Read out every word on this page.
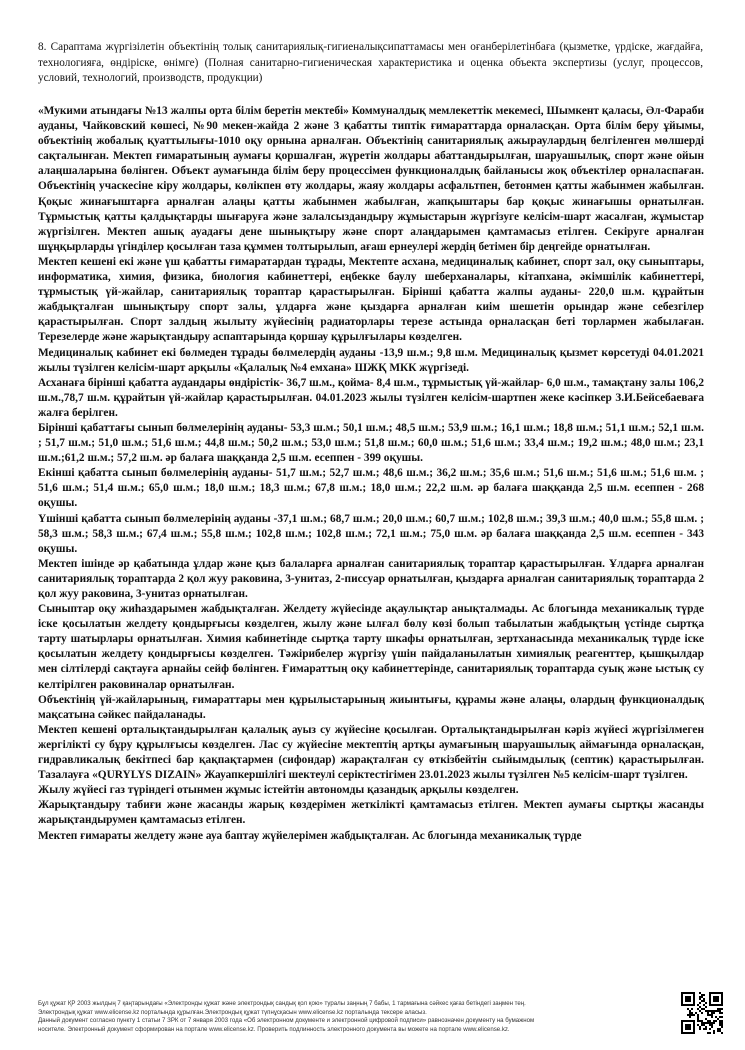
8. Сараптама жүргізілетін объектінің толық санитариялық-гигиеналықсипаттамасы мен оғанберілетінбаға (қызметке, үрдіске, жағдайға, технологияға, өндіріске, өнімге) (Полная санитарно-гигиеническая характеристика и оценка объекта экспертизы (услуг, процессов, условий, технологий, производств, продукции)

«Мукими атындағы №13 жалпы орта білім беретін мектебі» Коммуналдық мемлекеттік мекемесі, Шымкент қаласы, Әл-Фараби ауданы, Чайковский көшесі, №90 мекен-жайда 2 және 3 қабатты типтік ғимараттарда орналасқан. Орта білім беру ұйымы, объектінің жобалық қуаттылығы-1010 оқу орнына арналған. Объектінің санитариялық ажыраулардың белгіленген мөлшерді сақталынған. Мектеп ғимаратының аумағы қоршалған, жүретін жолдары абаттандырылған, шаруашылық, спорт және ойын алаңшаларына бөлінген. Объект аумағында білім беру процессімен функционалдық байланысы жоқ объектілер орналаспаған. Объектінің учаскесіне кіру жолдары, көлікпен өту жолдары, жаяу жолдары асфальтпен, бетонмен қатты жабынмен жабылған. Қоқыс жинағыштарға арналған алаңы қатты жабынмен жабылған, жапқыштары бар қоқыс жинағышы орнатылған. Тұрмыстық қатты қалдықтарды шығаруға және залалсыздандыру жұмыстарын жүргізуге келісім-шарт жасалған, жұмыстар жүргізілген. Мектеп ашық ауадағы дене шынықтыру және спорт алаңдарымен қамтамасыз етілген. Секіруге арналған шұңқырларды үгінділер қосылған таза құммен толтырылып, ағаш ернеулері жердің бетімен бір деңгейде орнатылған.

Мектеп кешені екі және үш қабатты ғимаратардан тұрады, Мектепте асхана, медициналық кабинет, спорт зал, оқу сыныптары, информатика, химия, физика, биология кабинеттері, еңбекке баулу шеберханалары, кітапхана, әкімшілік кабинеттері, тұрмыстық үй-жайлар, санитариялық торaптар қарастырылған. Бірінші қабатта жалпы ауданы- 220,0 ш.м. құрайтын жабдықталған шынықтыру спорт залы, ұлдарға және қыздарға арналған киім шешетін орындар және себезгілер қарастырылған. Спорт залдың жылыту жүйесінің радиаторлары терезе астында орналасқан беті торлармен жабылаған. Терезелерде және жарықтандыру аспаптарында қоршау құрылғылары көзделген.

Медициналық кабинет екі бөлмеден тұрады бөлмелердің ауданы -13,9 ш.м.; 9,8 ш.м. Медициналық қызмет көрсетуді 04.01.2021 жылы түзілген келісім-шарт арқылы «Қалалық №4 емхана» ШЖҚ МКК жүргізеді.

Асханаға бірінші қабатта аудандары өндірістік- 36,7 ш.м., қойма- 8,4 ш.м., тұрмыстық үй-жайлар- 6,0 ш.м., тамақтану залы 106,2 ш.м.,78,7 ш.м. құрайтын үй-жайлар қарастырылған. 04.01.2023 жылы түзілген келісім-шартпен жеке кәсіпкер З.И.Бейсебаеваға жалға берілген.

Бірінші қабаттағы сынып бөлмелерінің ауданы- 53,3 ш.м.; 50,1 ш.м.; 48,5 ш.м.; 53,9 ш.м.; 16,1 ш.м.; 18,8 ш.м.; 51,1 ш.м.; 52,1 ш.м. ; 51,7 ш.м.; 51,0 ш.м.; 51,6 ш.м.; 44,8 ш.м.; 50,2 ш.м.; 53,0 ш.м.; 51,8 ш.м.; 60,0 ш.м.; 51,6 ш.м.; 33,4 ш.м.; 19,2 ш.м.; 48,0 ш.м.; 23,1 ш.м.;61,2 ш.м.; 57,2 ш.м. әр балаға шаққанда 2,5 ш.м. есеппен - 399 оқушы.

Екінші қабатта сынып бөлмелерінің ауданы- 51,7 ш.м.; 52,7 ш.м.; 48,6 ш.м.; 36,2 ш.м.; 35,6 ш.м.; 51,6 ш.м.; 51,6 ш.м.; 51,6 ш.м. ; 51,6 ш.м.; 51,4 ш.м.; 65,0 ш.м.; 18,0 ш.м.; 18,3 ш.м.; 67,8 ш.м.; 18,0 ш.м.; 22,2 ш.м. әр балаға шаққанда 2,5 ш.м. есеппен - 268 оқушы.

Үшінші қабатта сынып бөлмелерінің ауданы -37,1 ш.м.; 68,7 ш.м.; 20,0 ш.м.; 60,7 ш.м.; 102,8 ш.м.; 39,3 ш.м.; 40,0 ш.м.; 55,8 ш.м. ; 58,3 ш.м.; 58,3 ш.м.; 67,4 ш.м.; 55,8 ш.м.; 102,8 ш.м.; 102,8 ш.м.; 72,1 ш.м.; 75,0 ш.м. әр балаға шаққанда 2,5 ш.м. есеппен - 343 оқушы.

Мектеп ішінде әр қабатында ұлдар және қыз балаларға арналған санитариялық торaптар қарастырылған. Ұлдарға арналған санитариялық торaптарда 2 қол жуу раковина, 3-унитаз, 2-писсуар орнатылған, қыздарға арналған санитариялық торaптарда 2 қол жуу раковина, 3-унитаз орнатылған.

Сыныптар оқу жиһаздарымен жабдықталған. Желдету жүйесінде ақаулықтар анықталмады. Ас блогында механикалық түрде іске қосылатын желдету қондырғысы көзделген, жылу және ылғал бөлу көзі болып табылатын жабдықтың үстінде сыртқа тарту шатырлары орнатылған. Химия кабинетінде сыртқа тарту шкафы орнатылған, зертханасында механикалық түрде іске қосылатын желдету қондырғысы көзделген. Тәжірибелер жүргізу үшін пайдаланылатын химиялық реагенттер, қышқылдар мен сілтілерді сақтауға арнайы сейф бөлінген. Ғимараттың оқу кабинеттерінде, санитариялық торaптарда суық және ыстық су келтірілген раковиналар орнатылған.

Объектінің үй-жайларының, ғимараттары мен құрылыстарының жиынтығы, құрамы және алаңы, олардың функционалдық мақсатына сәйкес пайдаланады.

Мектеп кешені орталықтандырылған қалалық ауыз су жүйесіне қосылған. Орталықтандырылған кәріз жүйесі жүргізілмеген жергілікті су бұру құрылғысы көзделген. Лас су жүйесіне мектептің артқы аумағының шаруашылық аймағында орналасқан, гидравликалық бекітпесі бар қақпақтармен (сифондар) жарақталған су өткізбейтін сыйымдылық (септик) қарастырылған. Тазалауға «QURYLYS DIZAIN» Жауапкершілігі шектеулі серіктестігімен 23.01.2023 жылы түзілген №5 келісім-шарт түзілген.

Жылу жүйесі газ түріндегі отынмен жұмыс істейтін автономды қазандық арқылы көзделген.

Жарықтандыру табиғи және жасанды жарық көздерімен жеткілікті қамтамасыз етілген. Мектеп аумағы сыртқы жасанды жарықтандырумен қамтамасыз етілген.

Мектеп ғимараты желдету және ауа баптау жүйелерімен жабдықталған. Ас блогында механикалық түрде

Бұл құжат ҚР 2003 жылдың 7 қаңтарындағы «Электронды құжат және электрондық сандық қол қою» туралы заңның 7 бабы, 1 тармағына сәйкес қағаз бетіндегі заңмен тең.
Электрондық құжат www.elicense.kz порталында құрылған.Электрондық құжат түпнұсқасын www.elicense.kz порталында тексере аласыз.
Данный документ согласно пункту 1 статьи 7 ЗРК от 7 января 2003 года «Об электронном документе и электронной цифровой подписи» равнозначен документу на бумажном
носителе. Электронный документ сформирован на портале www.elicense.kz. Проверить подлинность электронного документа вы можете на портале www.elicense.kz.
